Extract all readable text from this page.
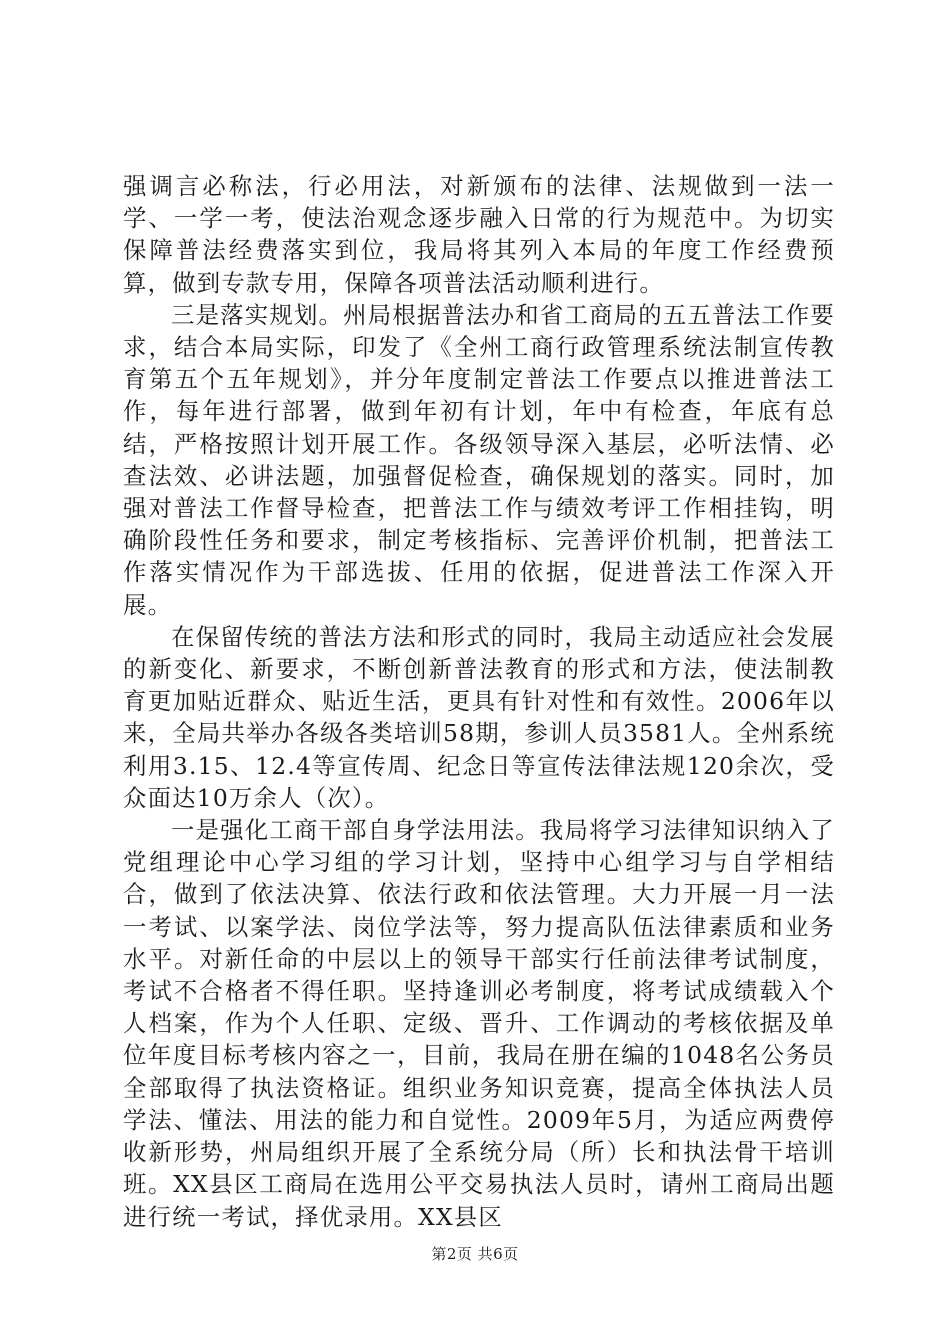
强调言必称法，行必用法，对新颁布的法律、法规做到一法一学、一学一考，使法治观念逐步融入日常的行为规范中。为切实保障普法经费落实到位，我局将其列入本局的年度工作经费预算，做到专款专用，保障各项普法活动顺利进行。

三是落实规划。州局根据普法办和省工商局的五五普法工作要求，结合本局实际，印发了《全州工商行政管理系统法制宣传教育第五个五年规划》，并分年度制定普法工作要点以推进普法工作，每年进行部署，做到年初有计划，年中有检查，年底有总结，严格按照计划开展工作。各级领导深入基层，必听法情、必查法效、必讲法题，加强督促检查，确保规划的落实。同时，加强对普法工作督导检查，把普法工作与绩效考评工作相挂钩，明确阶段性任务和要求，制定考核指标、完善评价机制，把普法工作落实情况作为干部选拔、任用的依据，促进普法工作深入开展。

在保留传统的普法方法和形式的同时，我局主动适应社会发展的新变化、新要求，不断创新普法教育的形式和方法，使法制教育更加贴近群众、贴近生活，更具有针对性和有效性。2006年以来，全局共举办各级各类培训58期，参训人员3581人。全州系统利用3.15、12.4等宣传周、纪念日等宣传法律法规120余次，受众面达10万余人（次）。

一是强化工商干部自身学法用法。我局将学习法律知识纳入了党组理论中心学习组的学习计划，坚持中心组学习与自学相结合，做到了依法决算、依法行政和依法管理。大力开展一月一法一考试、以案学法、岗位学法等，努力提高队伍法律素质和业务水平。对新任命的中层以上的领导干部实行任前法律考试制度，考试不合格者不得任职。坚持逢训必考制度，将考试成绩载入个人档案，作为个人任职、定级、晋升、工作调动的考核依据及单位年度目标考核内容之一，目前，我局在册在编的1048名公务员全部取得了执法资格证。组织业务知识竞赛，提高全体执法人员学法、懂法、用法的能力和自觉性。2009年5月，为适应两费停收新形势，州局组织开展了全系统分局（所）长和执法骨干培训班。XX县区工商局在选用公平交易执法人员时，请州工商局出题进行统一考试，择优录用。XX县区

第2页 共6页
